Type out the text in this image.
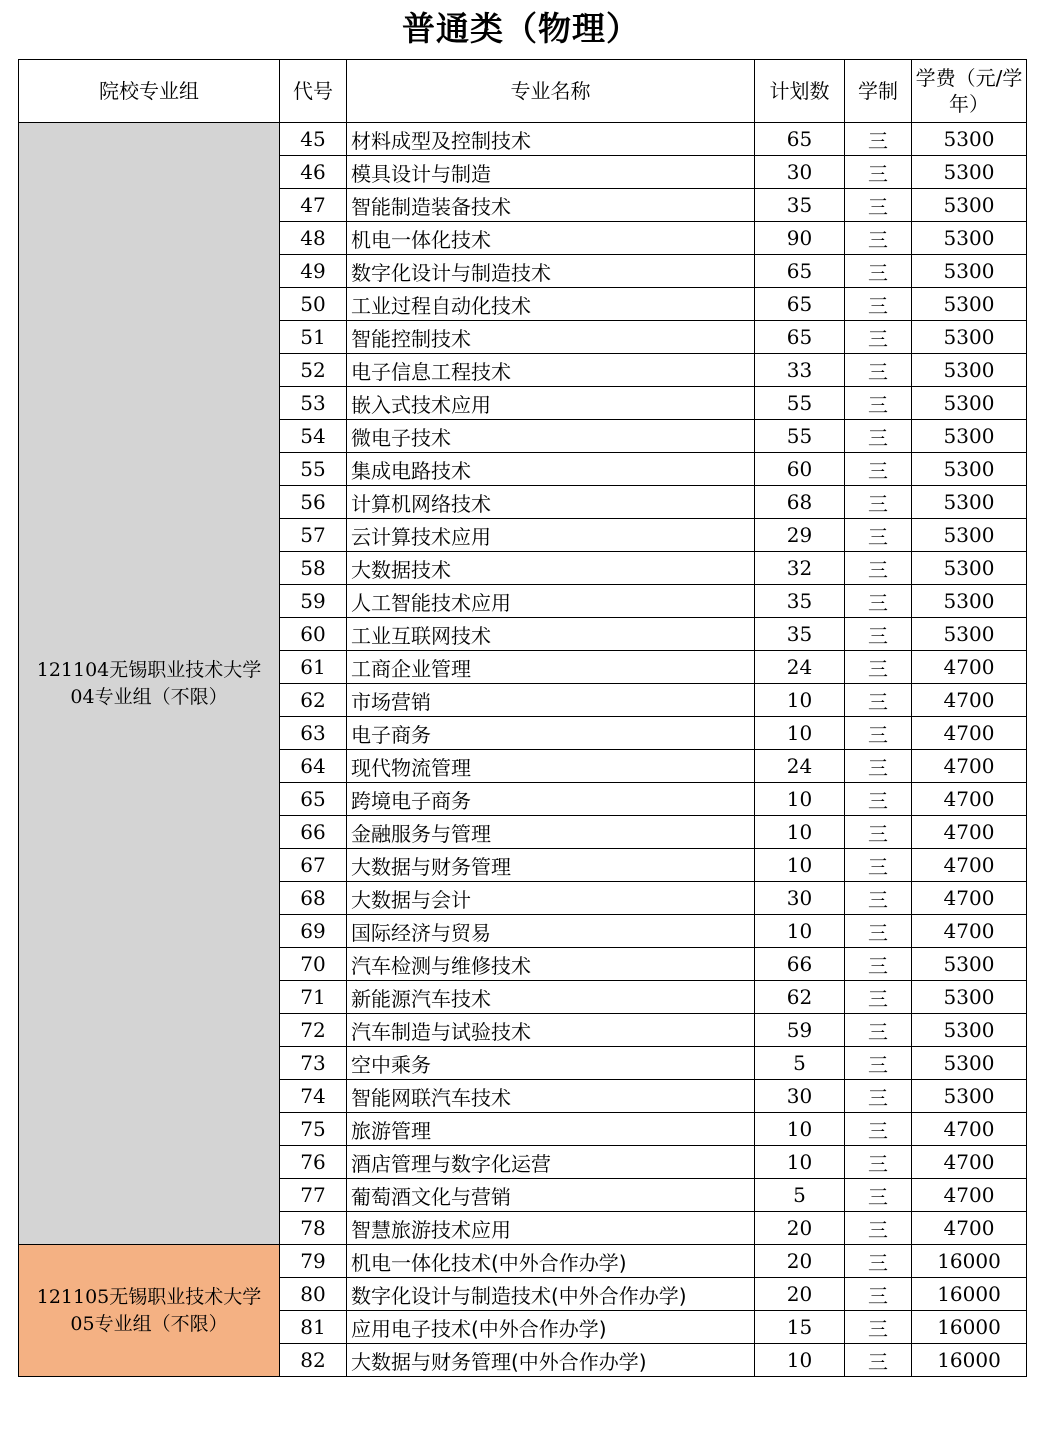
普通类（物理）
院校专业组	代号	专业名称	计划数	学制	学费（元/学年）

121104无锡职业技术大学
04专业组（不限）	45	材料成型及控制技术	65	三	5300
	46	模具设计与制造	30	三	5300
	47	智能制造装备技术	35	三	5300
	48	机电一体化技术	90	三	5300
	49	数字化设计与制造技术	65	三	5300
	50	工业过程自动化技术	65	三	5300
	51	智能控制技术	65	三	5300
	52	电子信息工程技术	33	三	5300
	53	嵌入式技术应用	55	三	5300
	54	微电子技术	55	三	5300
	55	集成电路技术	60	三	5300
	56	计算机网络技术	68	三	5300
	57	云计算技术应用	29	三	5300
	58	大数据技术	32	三	5300
	59	人工智能技术应用	35	三	5300
	60	工业互联网技术	35	三	5300
	61	工商企业管理	24	三	4700
	62	市场营销	10	三	4700
	63	电子商务	10	三	4700
	64	现代物流管理	24	三	4700
	65	跨境电子商务	10	三	4700
	66	金融服务与管理	10	三	4700
	67	大数据与财务管理	10	三	4700
	68	大数据与会计	30	三	4700
	69	国际经济与贸易	10	三	4700
	70	汽车检测与维修技术	66	三	5300
	71	新能源汽车技术	62	三	5300
	72	汽车制造与试验技术	59	三	5300
	73	空中乘务	5	三	5300
	74	智能网联汽车技术	30	三	5300
	75	旅游管理	10	三	4700
	76	酒店管理与数字化运营	10	三	4700
	77	葡萄酒文化与营销	5	三	4700
	78	智慧旅游技术应用	20	三	4700

121105无锡职业技术大学
05专业组（不限）	79	机电一体化技术(中外合作办学)	20	三	16000
	80	数字化设计与制造技术(中外合作办学)	20	三	16000
	81	应用电子技术(中外合作办学)	15	三	16000
	82	大数据与财务管理(中外合作办学)	10	三	16000
